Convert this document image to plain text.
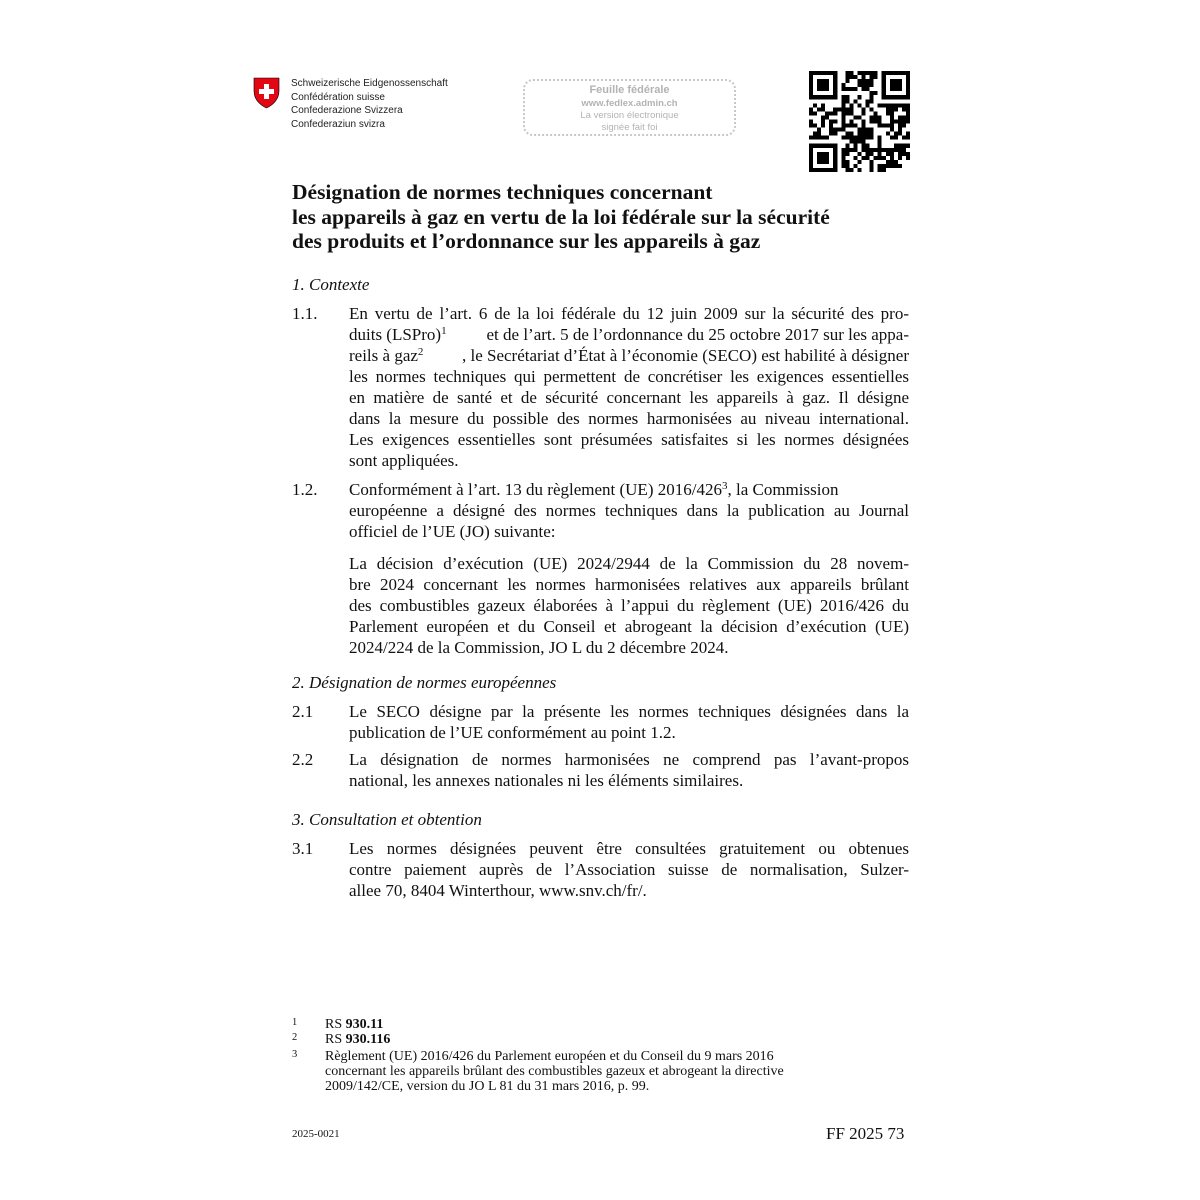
Schweizerische Eidgenossenschaft
Confédération suisse
Confederazione Svizzera
Confederaziun svizra
Feuille fédérale
www.fedlex.admin.ch
La version électronique
signée fait foi
Désignation de normes techniques concernant
les appareils à gaz en vertu de la loi fédérale sur la sécurité
des produits et l’ordonnance sur les appareils à gaz
1. Contexte
1.1. En vertu de l’art. 6 de la loi fédérale du 12 juin 2009 sur la sécurité des pro-
duits (LSPro)$^1$ et de l’art. 5 de l’ordonnance du 25 octobre 2017 sur les appa-
reils à gaz$^2$ , le Secrétariat d’État à l’économie (SECO) est habilité à désigner
les normes techniques qui permettent de concrétiser les exigences essentielles
en matière de santé et de sécurité concernant les appareils à gaz. Il désigne
dans la mesure du possible des normes harmonisées au niveau international.
Les exigences essentielles sont présumées satisfaites si les normes désignées
sont appliquées.
1.2. Conformément à l’art. 13 du règlement (UE) $2016/426^3$, la Commission
européenne a désigné des normes techniques dans la publication au Journal
officiel de l’UE (JO) suivante:
La décision d’exécution (UE) 2024/2944 de la Commission du 28 novem-
bre 2024 concernant les normes harmonisées relatives aux appareils brûlant
des combustibles gazeux élaborées à l’appui du règlement (UE) 2016/426 du
Parlement européen et du Conseil et abrogeant la décision d’exécution (UE)
2024/224 de la Commission, JO L du 2 décembre 2024.
2. Désignation de normes européennes
2.1 Le SECO désigne par la présente les normes techniques désignées dans la
publication de l’UE conformément au point 1.2.
2.2 La désignation de normes harmonisées ne comprend pas l’avant-propos
national, les annexes nationales ni les éléments similaires.
3. Consultation et obtention
3.1 Les normes désignées peuvent être consultées gratuitement ou obtenues
contre paiement auprès de l’Association suisse de normalisation, Sulzer-
allee 70, 8404 Winterthour, www.snv.ch/fr/.
1 RS 930.11
2 RS 930.116
3 Règlement (UE) 2016/426 du Parlement européen et du Conseil du 9 mars 2016
concernant les appareils brûlant des combustibles gazeux et abrogeant la directive
2009/142/CE, version du JO L 81 du 31 mars 2016, p. 99.
2025-0021	FF 2025 73
